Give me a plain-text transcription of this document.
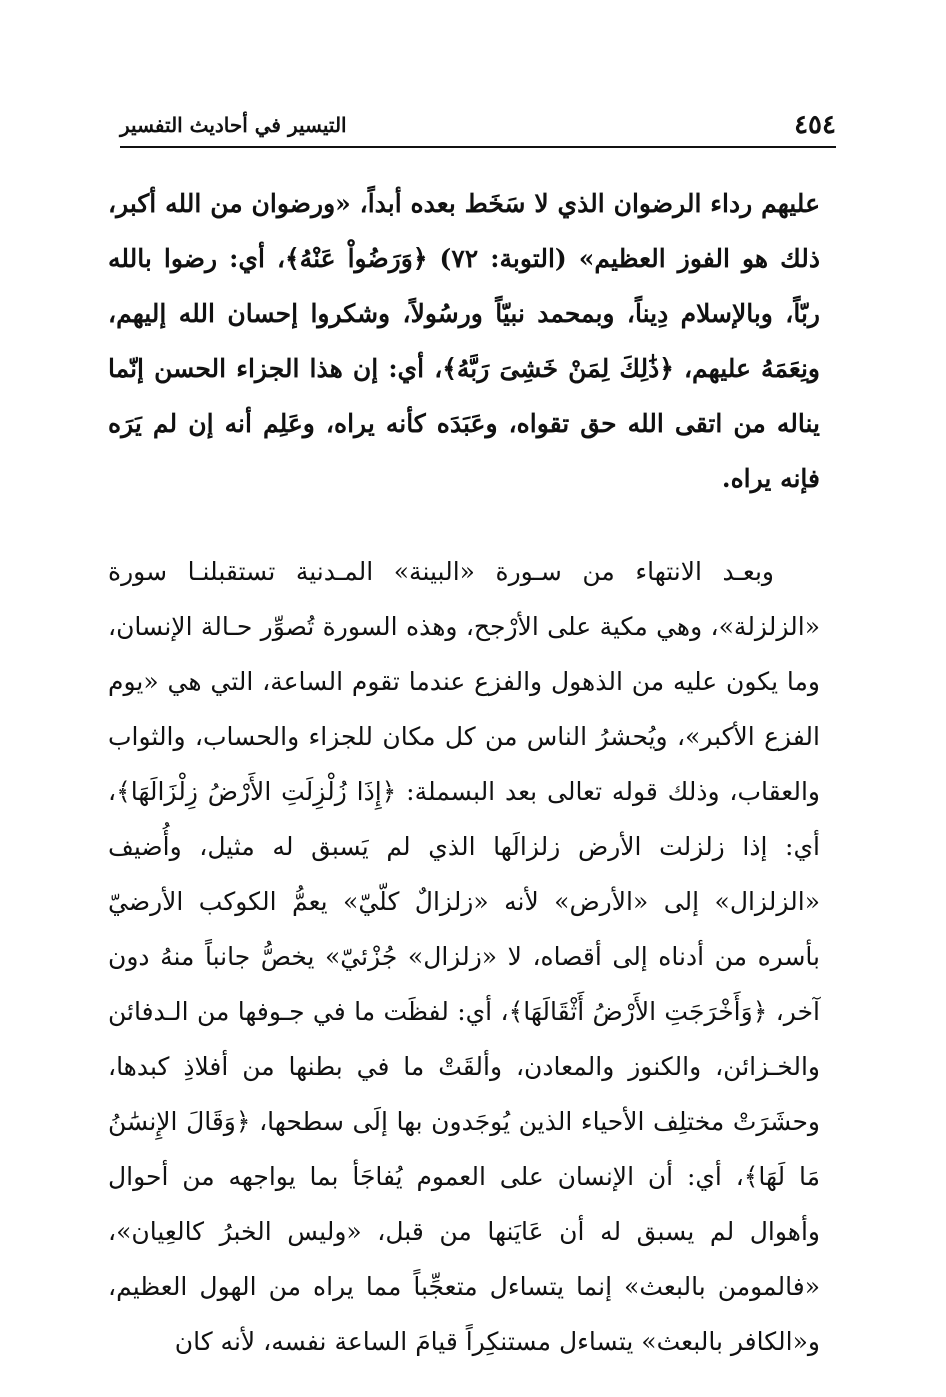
٤٥٤
التيسير في أحاديث التفسير

عليهم رداء الرضوان الذي لا سَخَط بعده أبداً، «ورضوان من الله أكبر، ذلك هو الفوز العظيم» (التوبة: ٧٢) ﴿وَرَضُواْ عَنْهُ﴾، أي: رضوا بالله ربّاً، وبالإسلام دِيناً، وبمحمد نبيّاً ورسُولاً، وشكروا إحسان الله إليهم، ونِعَمَهُ عليهم، ﴿ذَٰلِكَ لِمَنْ خَشِىَ رَبَّهُ﴾، أي: إن هذا الجزاء الحسن إنّما يناله من اتقى الله حق تقواه، وعَبَدَه كأنه يراه، وعَلِم أنه إن لم يَرَه فإنه يراه.

وبعـد الانتهاء من سـورة «البينة» المـدنية تستقبلنـا سورة «الزلزلة»، وهي مكية على الأرْجح، وهذه السورة تُصوِّر حـالة الإنسان، وما يكون عليه من الذهول والفزع عندما تقوم الساعة، التي هي «يوم الفزع الأكبر»، ويُحشرُ الناس من كل مكان للجزاء والحساب، والثواب والعقاب، وذلك قوله تعالى بعد البسملة: ﴿إِذَا زُلْزِلَتِ الأَرْضُ زِلْزَالَهَا﴾، أي: إذا زلزلت الأرض زلزالَها الذي لم يَسبق له مثيل، وأُضيف «الزلزال» إلى «الأرض» لأنه «زلزالٌ كلّيّ» يعمُّ الكوكب الأرضيّ بأسره من أدناه إلى أقصاه، لا «زلزال» جُزْئيّ» يخصُّ جانباً منهُ دون آخر، ﴿وَأَخْرَجَتِ الأَرْضُ أَثْقَالَهَا﴾، أي: لفظَت ما في جـوفها من الـدفائن والخـزائن، والكنوز والمعادن، وألقَتْ ما في بطنها من أفلاذِ كبدها، وحشَرَتْ مختلِف الأحياء الذين يُوجَدون بها إلَى سطحها، ﴿وَقَالَ الإِنسَٰنُ مَا لَهَا﴾، أي: أن الإنسان على العموم يُفاجَأ بما يواجهه من أحوال وأهوال لم يسبق له أن عَايَنها من قبل، «وليس الخبرُ كالعِيان»، «فالمومن بالبعث» إنما يتساءل متعجِّباً مما يراه من الهول العظيم، و«الكافر بالبعث» يتساءل مستنكِراً قيامَ الساعة نفسه، لأنه كان
